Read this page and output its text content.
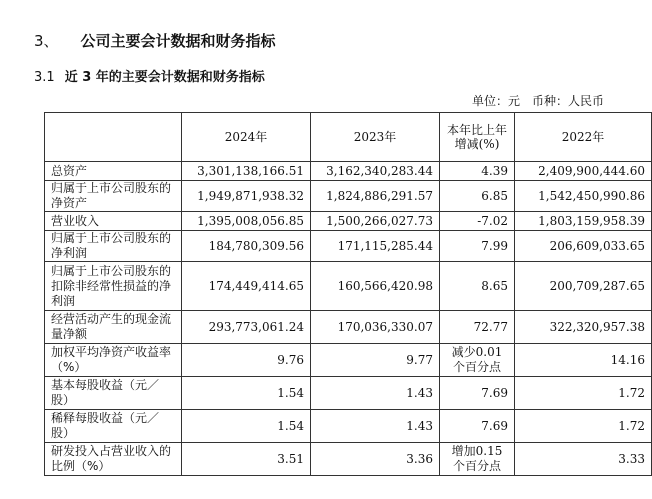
3、 公司主要会计数据和财务指标
3.1 近 3 年的主要会计数据和财务指标
单位：元 币种：人民币
	2024年	2023年	本年比上年增减(%)	2022年
总资产	3,301,138,166.51	3,162,340,283.44	4.39	2,409,900,444.60
归属于上市公司股东的净资产	1,949,871,938.32	1,824,886,291.57	6.85	1,542,450,990.86
营业收入	1,395,008,056.85	1,500,266,027.73	-7.02	1,803,159,958.39
归属于上市公司股东的净利润	184,780,309.56	171,115,285.44	7.99	206,609,033.65
归属于上市公司股东的扣除非经常性损益的净利润	174,449,414.65	160,566,420.98	8.65	200,709,287.65
经营活动产生的现金流量净额	293,773,061.24	170,036,330.07	72.77	322,320,957.38
加权平均净资产收益率（%）	9.76	9.77	减少0.01个百分点	14.16
基本每股收益（元／股）	1.54	1.43	7.69	1.72
稀释每股收益（元／股）	1.54	1.43	7.69	1.72
研发投入占营业收入的比例（%）	3.51	3.36	增加0.15个百分点	3.33
